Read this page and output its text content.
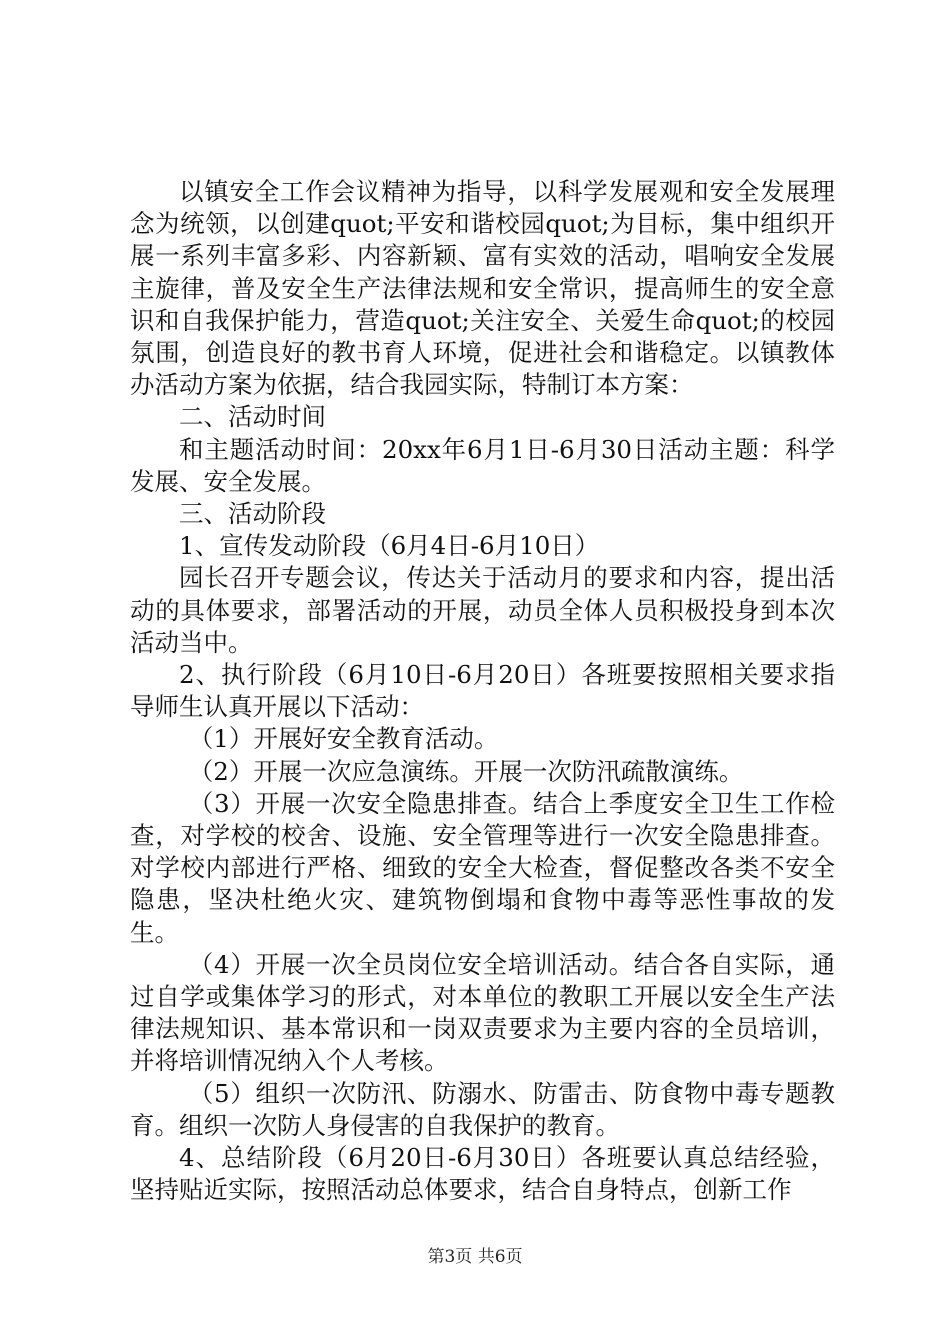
以镇安全工作会议精神为指导，以科学发展观和安全发展理念为统领，以创建quot;平安和谐校园quot;为目标，集中组织开展一系列丰富多彩、内容新颖、富有实效的活动，唱响安全发展主旋律，普及安全生产法律法规和安全常识，提高师生的安全意识和自我保护能力，营造quot;关注安全、关爱生命quot;的校园氛围，创造良好的教书育人环境，促进社会和谐稳定。以镇教体办活动方案为依据，结合我园实际，特制订本方案：

二、活动时间

和主题活动时间：20xx年6月1日-6月30日活动主题：科学发展、安全发展。

三、活动阶段

1、宣传发动阶段（6月4日-6月10日）

园长召开专题会议，传达关于活动月的要求和内容，提出活动的具体要求，部署活动的开展，动员全体人员积极投身到本次活动当中。

2、执行阶段（6月10日-6月20日）各班要按照相关要求指导师生认真开展以下活动：

（1）开展好安全教育活动。

（2）开展一次应急演练。开展一次防汛疏散演练。

（3）开展一次安全隐患排查。结合上季度安全卫生工作检查，对学校的校舍、设施、安全管理等进行一次安全隐患排查。对学校内部进行严格、细致的安全大检查，督促整改各类不安全隐患，坚决杜绝火灾、建筑物倒塌和食物中毒等恶性事故的发生。

（4）开展一次全员岗位安全培训活动。结合各自实际，通过自学或集体学习的形式，对本单位的教职工开展以安全生产法律法规知识、基本常识和一岗双责要求为主要内容的全员培训，并将培训情况纳入个人考核。

（5）组织一次防汛、防溺水、防雷击、防食物中毒专题教育。组织一次防人身侵害的自我保护的教育。

4、总结阶段（6月20日-6月30日）各班要认真总结经验，坚持贴近实际，按照活动总体要求，结合自身特点，创新工作

第3页 共6页
